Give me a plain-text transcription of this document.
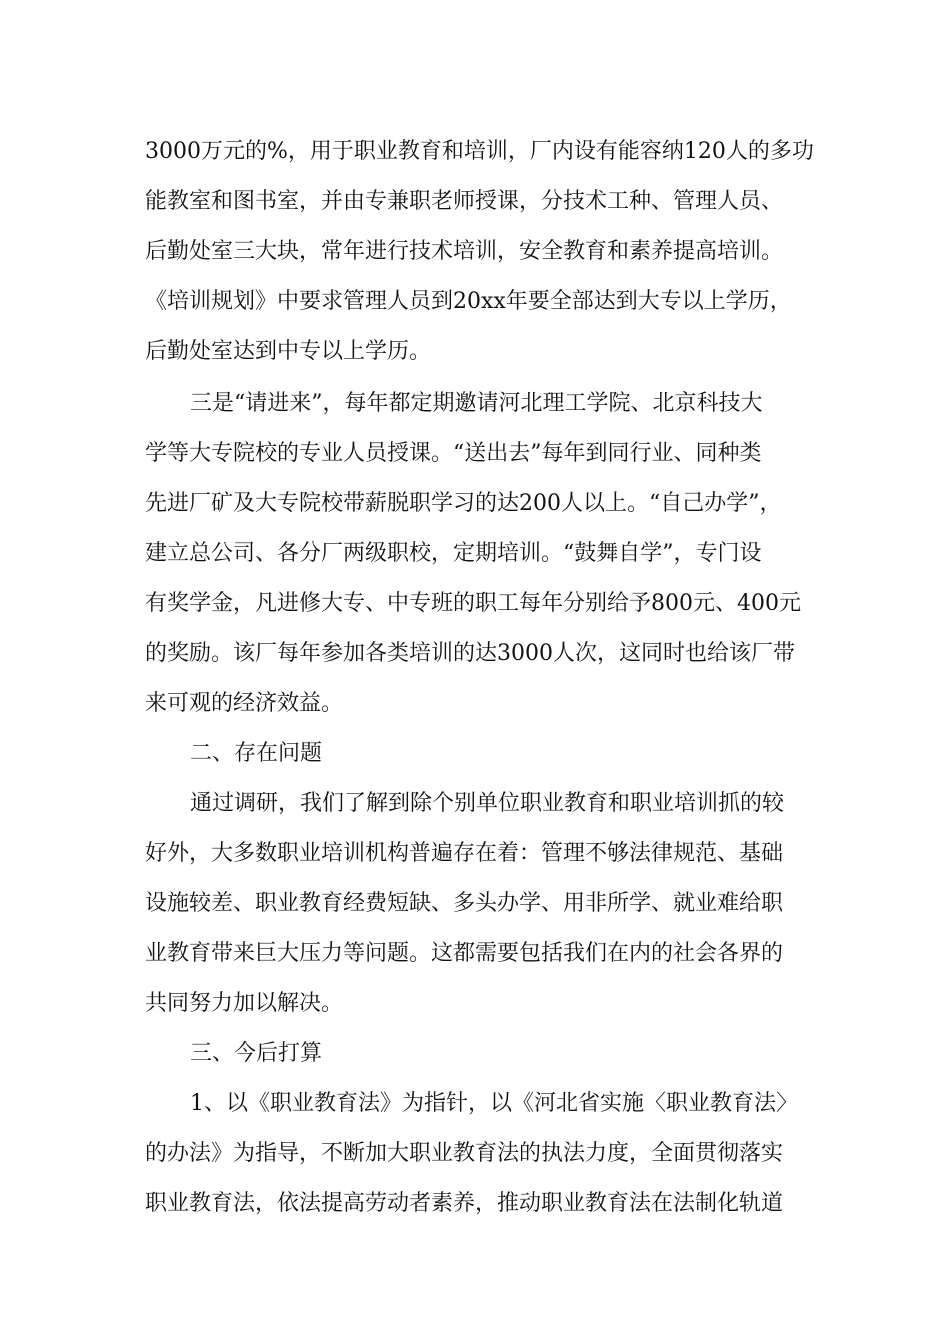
3000万元的%，用于职业教育和培训，厂内设有能容纳120人的多功
能教室和图书室，并由专兼职老师授课，分技术工种、管理人员、
后勤处室三大块，常年进行技术培训，安全教育和素养提高培训。
《培训规划》中要求管理人员到20xx年要全部达到大专以上学历，
后勤处室达到中专以上学历。
三是“请进来”，每年都定期邀请河北理工学院、北京科技大
学等大专院校的专业人员授课。“送出去”每年到同行业、同种类
先进厂矿及大专院校带薪脱职学习的达200人以上。“自己办学”，
建立总公司、各分厂两级职校，定期培训。“鼓舞自学”，专门设
有奖学金，凡进修大专、中专班的职工每年分别给予800元、400元
的奖励。该厂每年参加各类培训的达3000人次，这同时也给该厂带
来可观的经济效益。
二、存在问题
通过调研，我们了解到除个别单位职业教育和职业培训抓的较
好外，大多数职业培训机构普遍存在着：管理不够法律规范、基础
设施较差、职业教育经费短缺、多头办学、用非所学、就业难给职
业教育带来巨大压力等问题。这都需要包括我们在内的社会各界的
共同努力加以解决。
三、今后打算
1、以《职业教育法》为指针，以《河北省实施〈职业教育法〉
的办法》为指导，不断加大职业教育法的执法力度，全面贯彻落实
职业教育法，依法提高劳动者素养，推动职业教育法在法制化轨道
